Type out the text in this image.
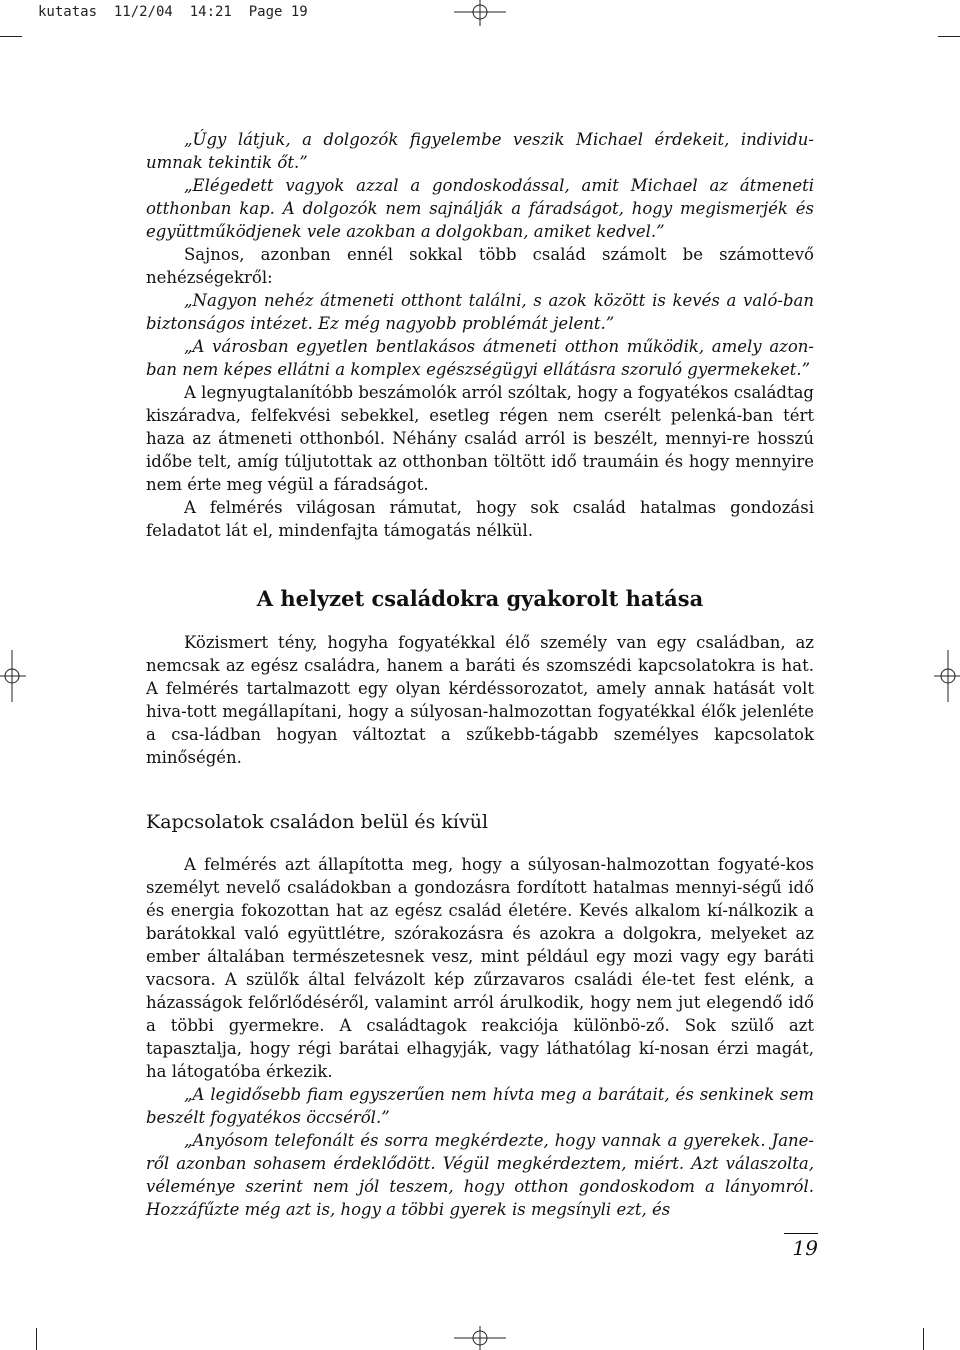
kutatas  11/2/04  14:21  Page 19

„Úgy látjuk, a dolgozók figyelembe veszik Michael érdekeit, individu-umnak tekintik őt.”

„Elégedett vagyok azzal a gondoskodással, amit Michael az átmeneti otthonban kap. A dolgozók nem sajnálják a fáradságot, hogy megismerjék és együttműködjenek vele azokban a dolgokban, amiket kedvel.”

Sajnos, azonban ennél sokkal több család számolt be számottevő nehézségekről:

„Nagyon nehéz átmeneti otthont találni, s azok között is kevés a való-ban biztonságos intézet. Ez még nagyobb problémát jelent.”

„A városban egyetlen bentlakásos átmeneti otthon működik, amely azon-ban nem képes ellátni a komplex egészségügyi ellátásra szoruló gyermekeket.”

A legnyugtalanítóbb beszámolók arról szóltak, hogy a fogyatékos családtag kiszáradva, felfekvési sebekkel, esetleg régen nem cserélt pelenká-ban tért haza az átmeneti otthonból. Néhány család arról is beszélt, mennyi-re hosszú időbe telt, amíg túljutottak az otthonban töltött idő traumáin és hogy mennyire nem érte meg végül a fáradságot.

A felmérés világosan rámutat, hogy sok család hatalmas gondozási feladatot lát el, mindenfajta támogatás nélkül.

A helyzet családokra gyakorolt hatása

Közismert tény, hogyha fogyatékkal élő személy van egy családban, az nemcsak az egész családra, hanem a baráti és szomszédi kapcsolatokra is hat. A felmérés tartalmazott egy olyan kérdéssorozatot, amely annak hatását volt hiva-tott megállapítani, hogy a súlyosan-halmozottan fogyatékkal élők jelenléte a csa-ládban hogyan változtat a szűkebb-tágabb személyes kapcsolatok minőségén.

Kapcsolatok családon belül és kívül

A felmérés azt állapította meg, hogy a súlyosan-halmozottan fogyaté-kos személyt nevelő családokban a gondozásra fordított hatalmas mennyi-ségű idő és energia fokozottan hat az egész család életére. Kevés alkalom kí-nálkozik a barátokkal való együttlétre, szórakozásra és azokra a dolgokra, melyeket az ember általában természetesnek vesz, mint például egy mozi vagy egy baráti vacsora. A szülők által felvázolt kép zűrzavaros családi éle-tet fest elénk, a házasságok felőrlődéséről, valamint arról árulkodik, hogy nem jut elegendő idő a többi gyermekre. A családtagok reakciója különbö-ző. Sok szülő azt tapasztalja, hogy régi barátai elhagyják, vagy láthatólag kí-nosan érzi magát, ha látogatóba érkezik.

„A legidősebb fiam egyszerűen nem hívta meg a barátait, és senkinek sem beszélt fogyatékos öccséről.”

„Anyósom telefonált és sorra megkérdezte, hogy vannak a gyerekek. Jane-ről azonban sohasem érdeklődött. Végül megkérdeztem, miért. Azt válaszolta, véleménye szerint nem jól teszem, hogy otthon gondoskodom a lányomról. Hozzáfűzte még azt is, hogy a többi gyerek is megsínyli ezt, és

19
